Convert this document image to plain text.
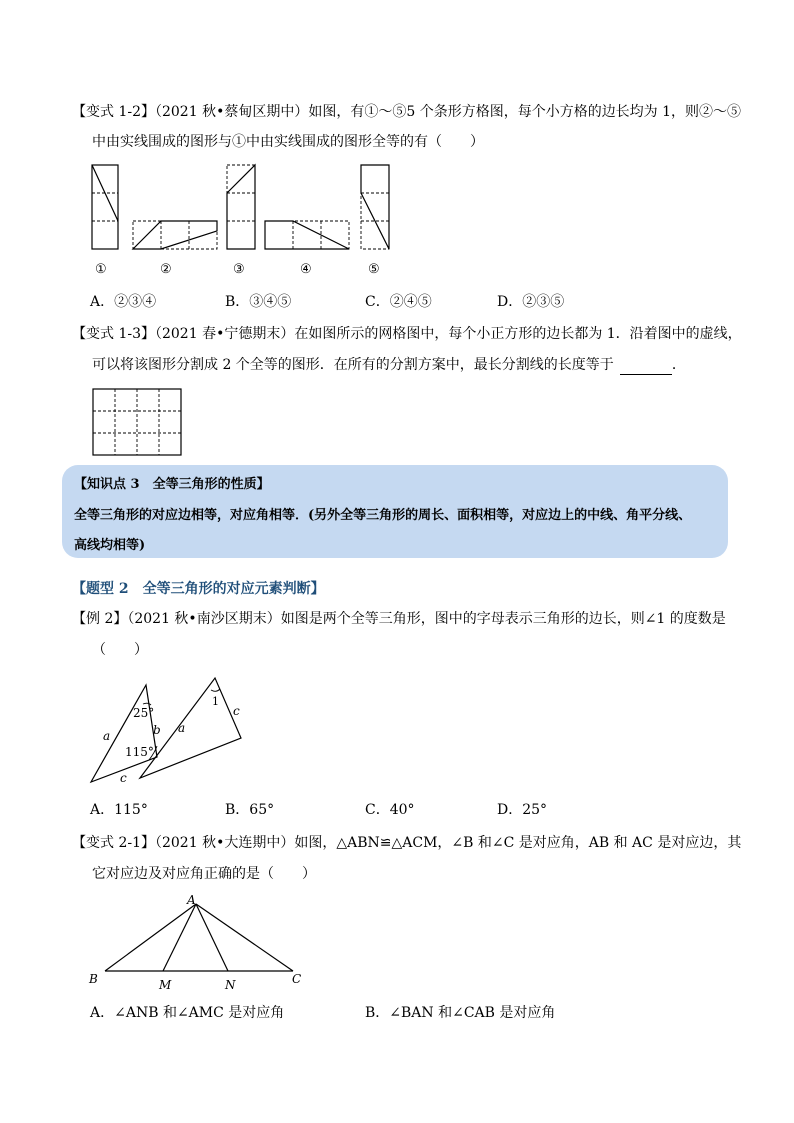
【变式 1-2】（2021 秋•蔡甸区期中）如图，有①～⑤5 个条形方格图，每个小方格的边长均为 1，则②～⑤
中由实线围成的图形与①中由实线围成的图形全等的有（　　）
①	②	③	④	⑤
A．②③④	B．③④⑤	C．②④⑤	D．②③⑤
【变式 1-3】（2021 春•宁德期末）在如图所示的网格图中，每个小正方形的边长都为 1．沿着图中的虚线，
可以将该图形分割成 2 个全等的图形．在所有的分割方案中，最长分割线的长度等于	．
【知识点 3　全等三角形的性质】
全等三角形的对应边相等，对应角相等．(另外全等三角形的周长、面积相等，对应边上的中线、角平分线、
高线均相等)
【题型 2　全等三角形的对应元素判断】
【例 2】（2021 秋•南沙区期末）如图是两个全等三角形，图中的字母表示三角形的边长，则∠1 的度数是
（　　）
a	b
c
25°
115°
a
c
1
A．115°	B．65°	C．40°	D．25°
【变式 2-1】（2021 秋•大连期中）如图，△ABN≌△ACM，∠B 和∠C 是对应角，AB 和 AC 是对应边，其
它对应边及对应角正确的是（　　）
A
B	M	N	C
A．∠ANB 和∠AMC 是对应角	B．∠BAN 和∠CAB 是对应角
